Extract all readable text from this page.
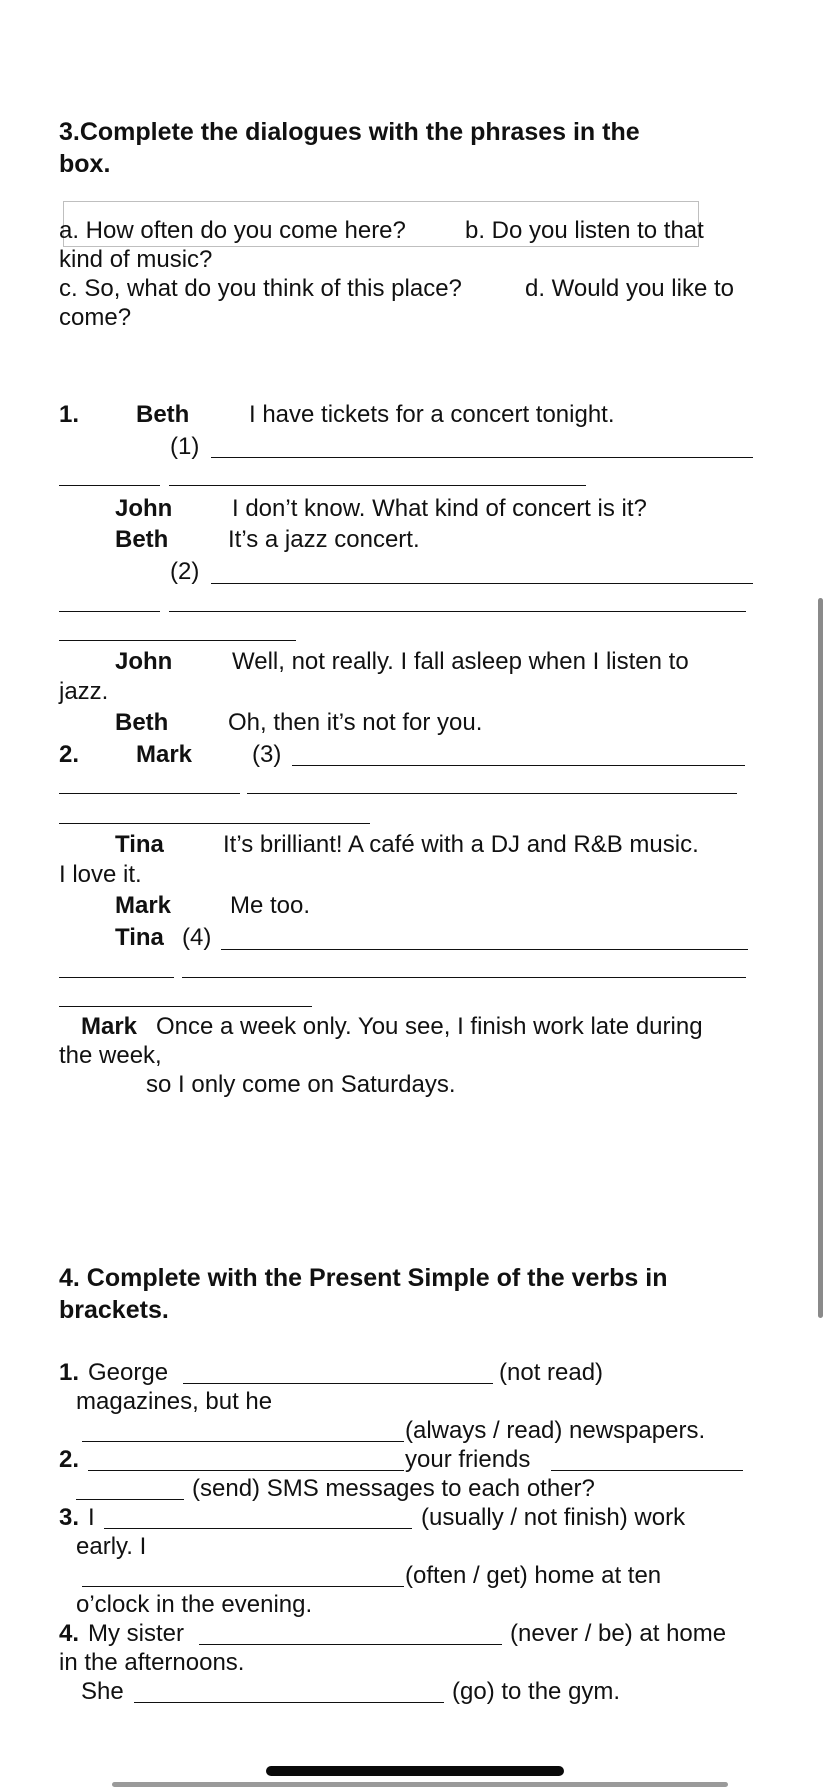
3.Complete the dialogues with the phrases in the
box.
a. How often do you come here? b. Do you listen to that
kind of music?
c. So, what do you think of this place?	d. Would you like to
come?
1. Beth I have tickets for a concert tonight.
(1)
John I don’t know. What kind of concert is it?
Beth It’s a jazz concert.
(2)
John Well, not really. I fall asleep when I listen to
jazz.
Beth Oh, then it’s not for you.
2. Mark (3)
Tina It’s brilliant! A café with a DJ and R&B music.
I love it.
Mark Me too.
Tina (4)
Mark Once a week only. You see, I finish work late during
the week,
so I only come on Saturdays.
4. Complete with the Present Simple of the verbs in
brackets.
1. George	(not read)
magazines, but he
(always / read) newspapers.
2.	your friends
(send) SMS messages to each other?
3. I	(usually / not finish) work
early. I
(often / get) home at ten
o’clock in the evening.
4. My sister	(never / be) at home
in the afternoons.
She	(go) to the gym.
